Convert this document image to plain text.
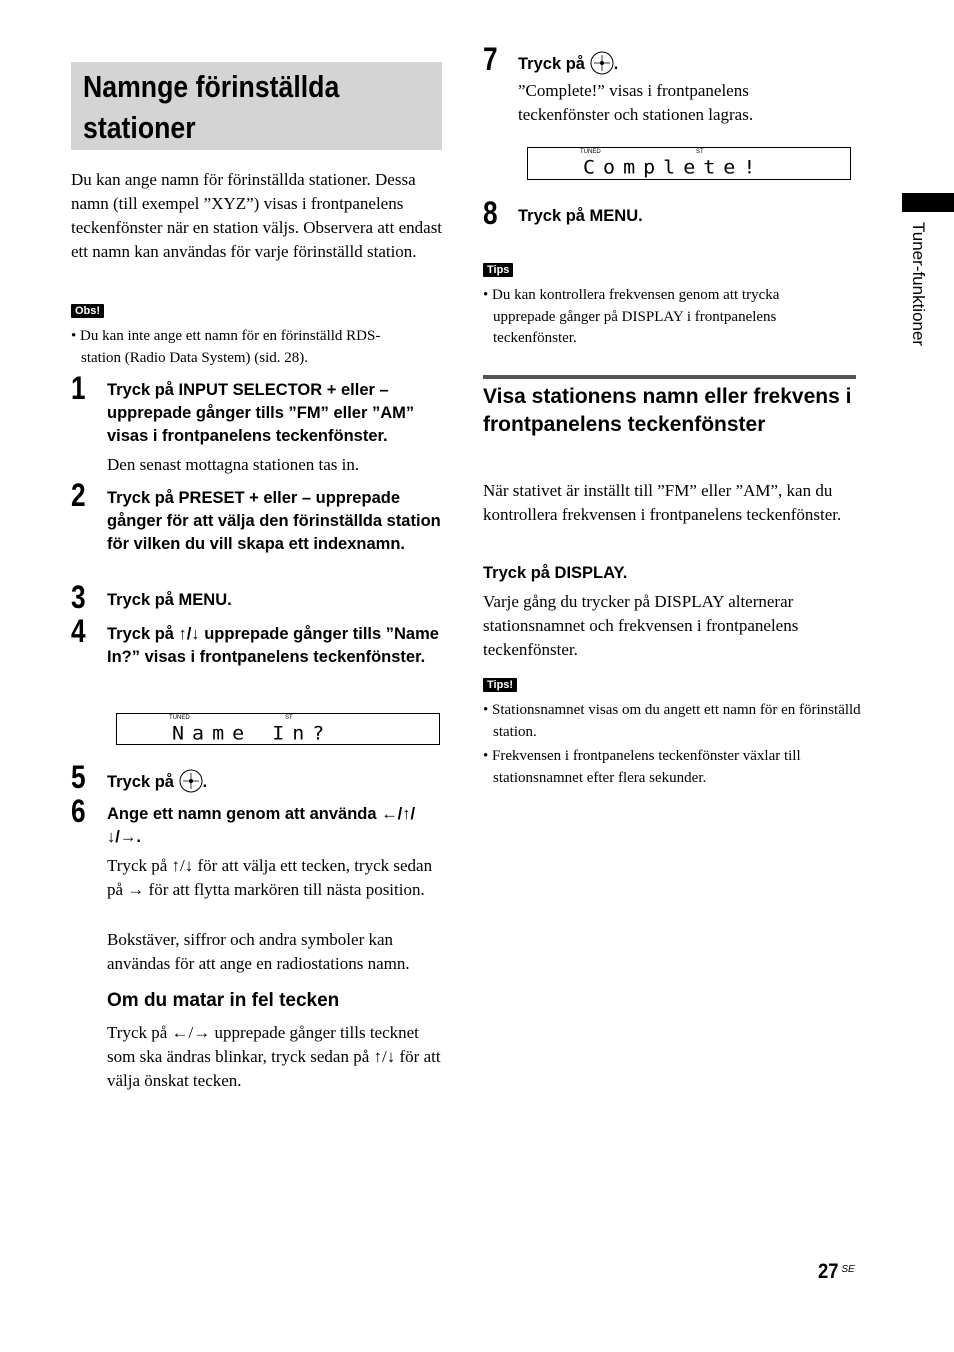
Namnge förinställda stationer
Du kan ange namn för förinställda stationer. Dessa namn (till exempel ”XYZ”) visas i frontpanelens teckenfönster när en station väljs. Observera att endast ett namn kan användas för varje förinställd station.
Obs!
• Du kan inte ange ett namn för en förinställd RDS-station (Radio Data System) (sid. 28).
1 Tryck på INPUT SELECTOR + eller – upprepade gånger tills ”FM” eller ”AM” visas i frontpanelens teckenfönster.
Den senast mottagna stationen tas in.
2 Tryck på PRESET + eller – upprepade gånger för att välja den förinställda station för vilken du vill skapa ett indexnamn.
3 Tryck på MENU.
4 Tryck på ↑/↓ upprepade gånger tills ”Name In?” visas i frontpanelens teckenfönster.
TUNED	ST
Name In?
5 Tryck på .
6 Ange ett namn genom att använda ←/↑/↓/→.
Tryck på ↑/↓ för att välja ett tecken, tryck sedan på → för att flytta markören till nästa position.
Bokstäver, siffror och andra symboler kan användas för att ange en radiostations namn.
Om du matar in fel tecken
Tryck på ←/→ upprepade gånger tills tecknet som ska ändras blinkar, tryck sedan på ↑/↓ för att välja önskat tecken.
7 Tryck på .
”Complete!” visas i frontpanelens teckenfönster och stationen lagras.
TUNED	ST
Complete!
8 Tryck på MENU.
Tips
• Du kan kontrollera frekvensen genom att trycka upprepade gånger på DISPLAY i frontpanelens teckenfönster.
Visa stationens namn eller frekvens i frontpanelens teckenfönster
När stativet är inställt till ”FM” eller ”AM”, kan du kontrollera frekvensen i frontpanelens teckenfönster.
Tryck på DISPLAY.
Varje gång du trycker på DISPLAY alternerar stationsnamnet och frekvensen i frontpanelens teckenfönster.
Tips!
• Stationsnamnet visas om du angett ett namn för en förinställd station.
• Frekvensen i frontpanelens teckenfönster växlar till stationsnamnet efter flera sekunder.
Tuner-funktioner
27 $^{SE}$
